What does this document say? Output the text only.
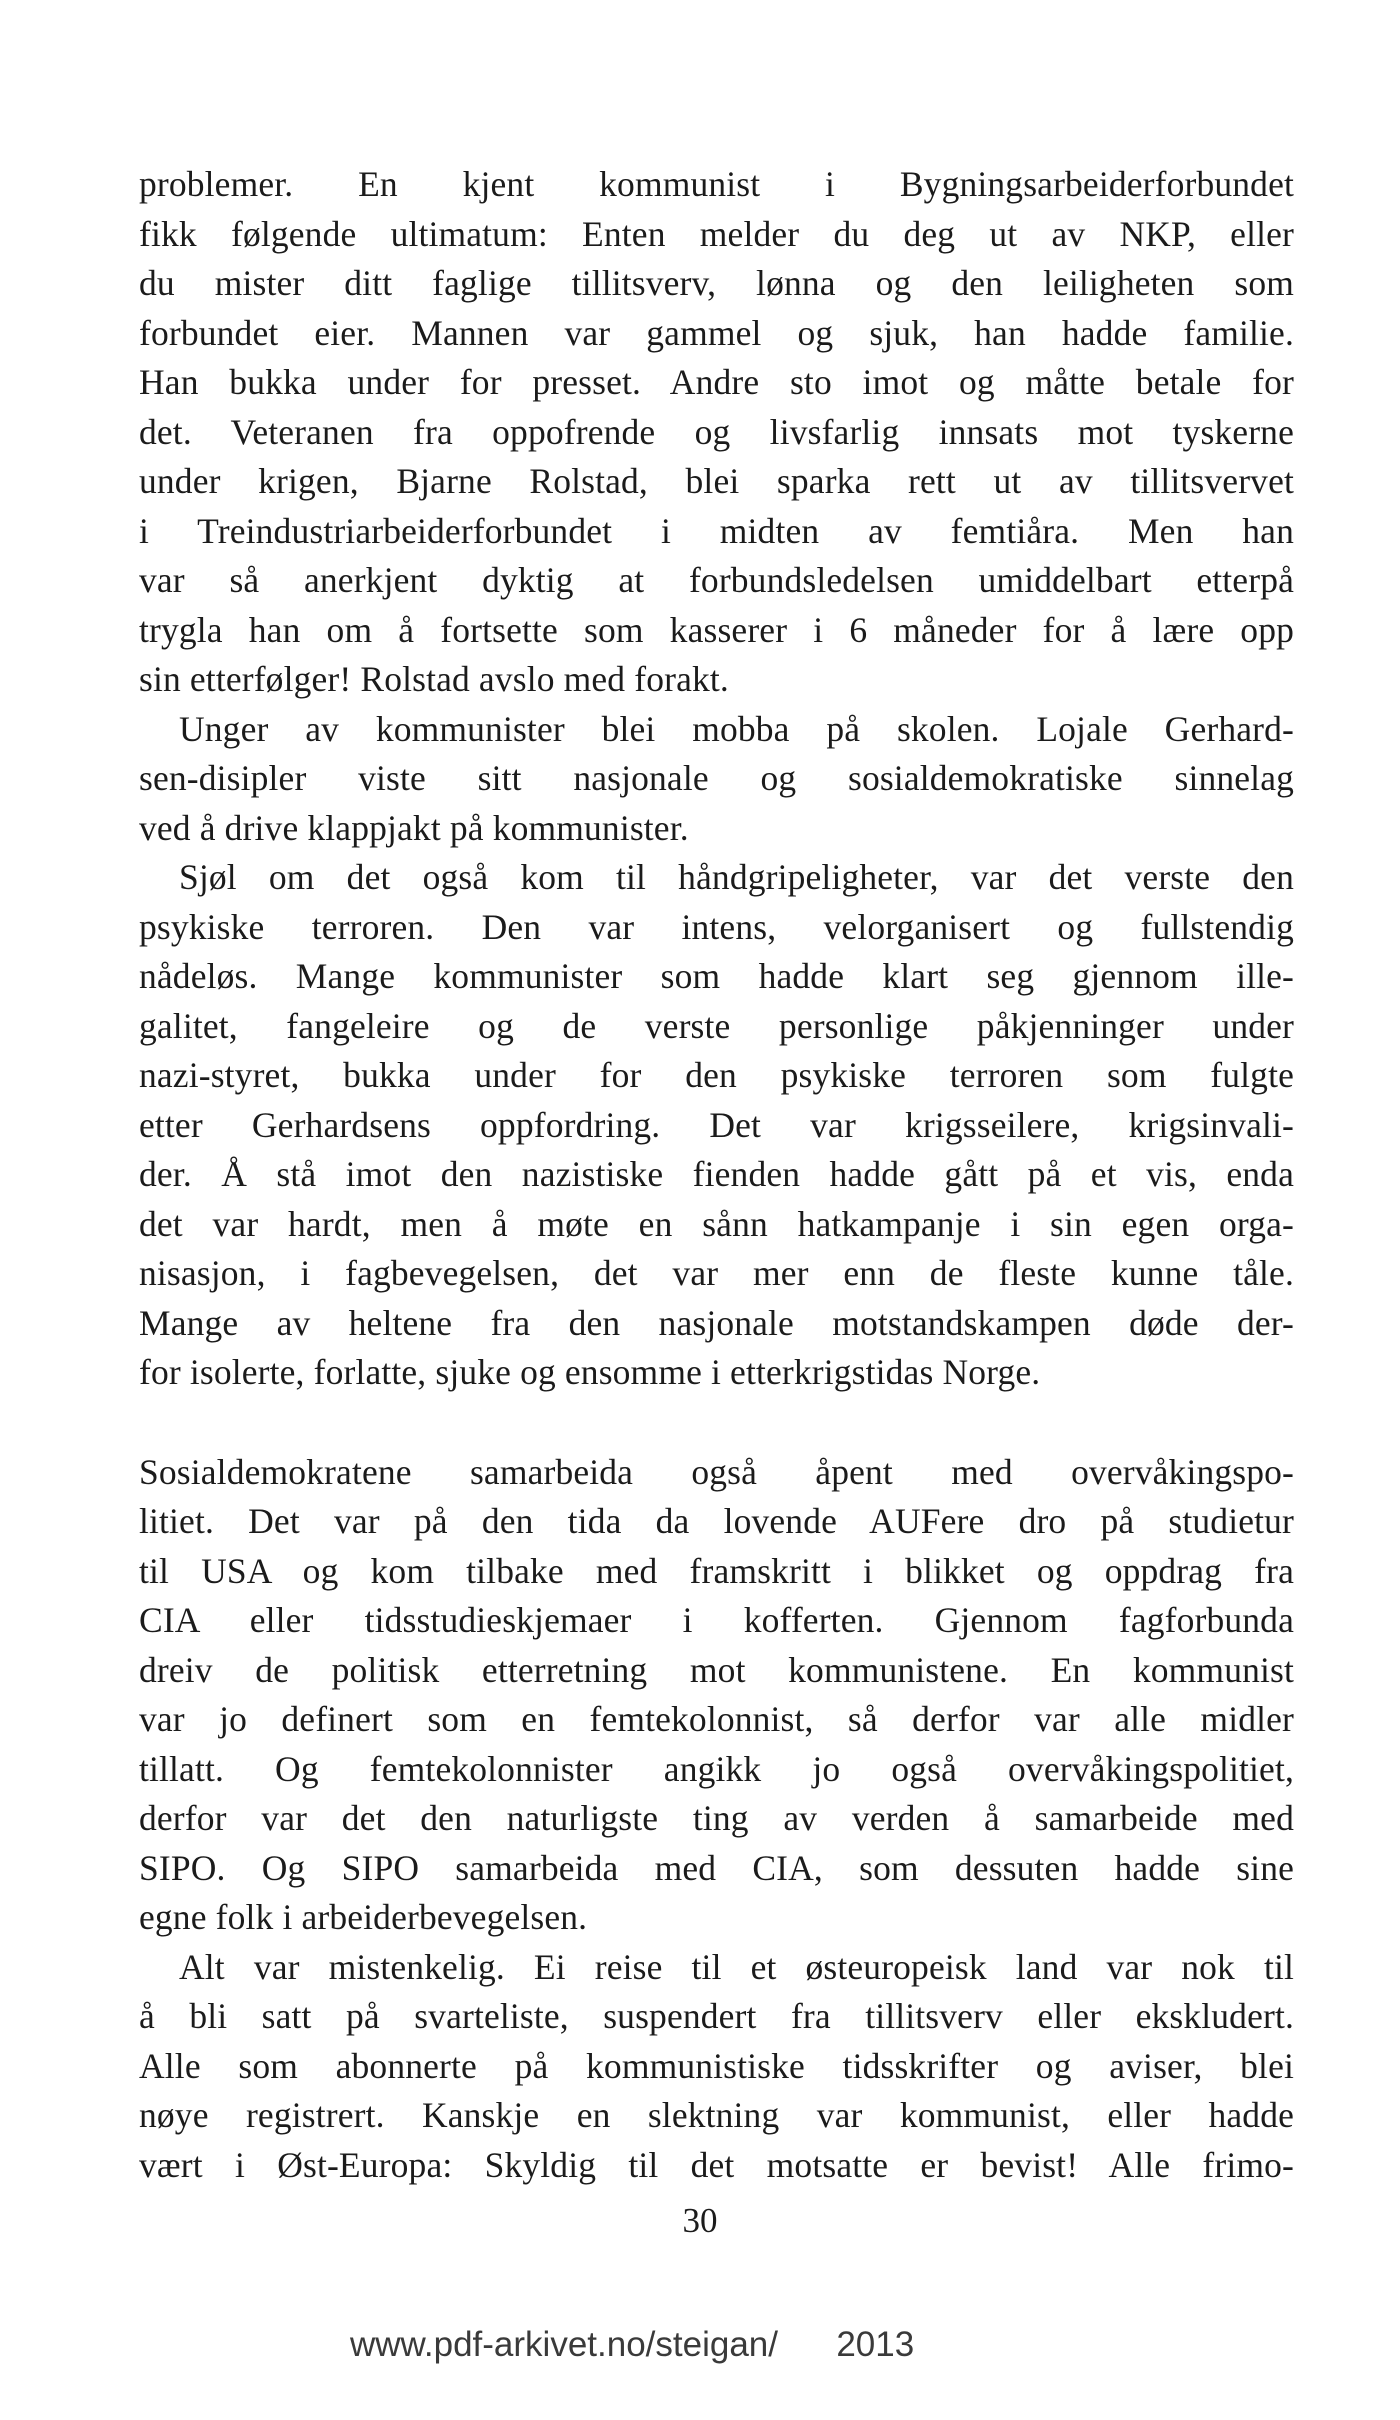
problemer. En kjent kommunist i Bygningsarbeiderforbundet
fikk følgende ultimatum: Enten melder du deg ut av NKP, eller
du mister ditt faglige tillitsverv, lønna og den leiligheten som
forbundet eier. Mannen var gammel og sjuk, han hadde familie.
Han bukka under for presset. Andre sto imot og måtte betale for
det. Veteranen fra oppofrende og livsfarlig innsats mot tyskerne
under krigen, Bjarne Rolstad, blei sparka rett ut av tillitsvervet
i Treindustriarbeiderforbundet i midten av femtiåra. Men han
var så anerkjent dyktig at forbundsledelsen umiddelbart etterpå
trygla han om å fortsette som kasserer i 6 måneder for å lære opp
sin etterfølger! Rolstad avslo med forakt.
Unger av kommunister blei mobba på skolen. Lojale Gerhard-
sen-disipler viste sitt nasjonale og sosialdemokratiske sinnelag
ved å drive klappjakt på kommunister.
Sjøl om det også kom til håndgripeligheter, var det verste den
psykiske terroren. Den var intens, velorganisert og fullstendig
nådeløs. Mange kommunister som hadde klart seg gjennom ille-
galitet, fangeleire og de verste personlige påkjenninger under
nazi-styret, bukka under for den psykiske terroren som fulgte
etter Gerhardsens oppfordring. Det var krigsseilere, krigsinvali-
der. Å stå imot den nazistiske fienden hadde gått på et vis, enda
det var hardt, men å møte en sånn hatkampanje i sin egen orga-
nisasjon, i fagbevegelsen, det var mer enn de fleste kunne tåle.
Mange av heltene fra den nasjonale motstandskampen døde der-
for isolerte, forlatte, sjuke og ensomme i etterkrigstidas Norge.
Sosialdemokratene samarbeida også åpent med overvåkingspo-
litiet. Det var på den tida da lovende AUFere dro på studietur
til USA og kom tilbake med framskritt i blikket og oppdrag fra
CIA eller tidsstudieskjemaer i kofferten. Gjennom fagforbunda
dreiv de politisk etterretning mot kommunistene. En kommunist
var jo definert som en femtekolonnist, så derfor var alle midler
tillatt. Og femtekolonnister angikk jo også overvåkingspolitiet,
derfor var det den naturligste ting av verden å samarbeide med
SIPO. Og SIPO samarbeida med CIA, som dessuten hadde sine
egne folk i arbeiderbevegelsen.
Alt var mistenkelig. Ei reise til et østeuropeisk land var nok til
å bli satt på svarteliste, suspendert fra tillitsverv eller ekskludert.
Alle som abonnerte på kommunistiske tidsskrifter og aviser, blei
nøye registrert. Kanskje en slektning var kommunist, eller hadde
vært i Øst-Europa: Skyldig til det motsatte er bevist! Alle frimo-
30
www.pdf-arkivet.no/steigan/ 2013
